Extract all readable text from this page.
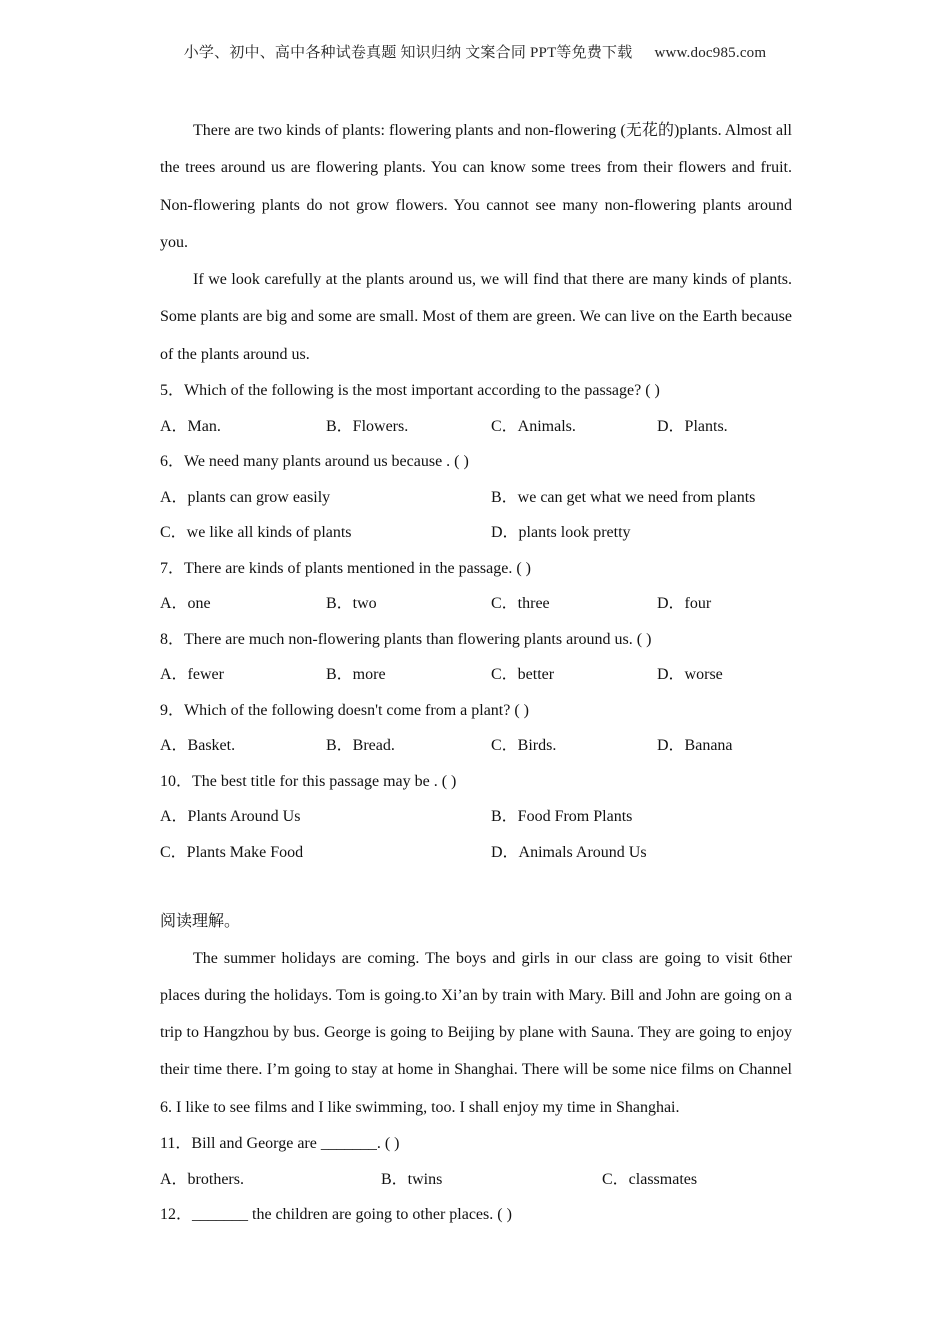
小学、初中、高中各种试卷真题 知识归纳 文案合同 PPT等免费下载 www.doc985.com

There are two kinds of plants: flowering plants and non-flowering (无花的)plants. Almost all the trees around us are flowering plants. You can know some trees from their flowers and fruit. Non-flowering plants do not grow flowers. You cannot see many non-flowering plants around you.

If we look carefully at the plants around us, we will find that there are many kinds of plants. Some plants are big and some are small. Most of them are green. We can live on the Earth because of the plants around us.

5．Which of the following is the most important according to the passage? ( )

A．Man.	B．Flowers.	C．Animals.	D．Plants.

6．We need many plants around us because . ( )

A．plants can grow easily	B．we can get what we need from plants
C．we like all kinds of plants	D．plants look pretty

7．There are kinds of plants mentioned in the passage. ( )

A．one	B．two	C．three	D．four

8．There are much non-flowering plants than flowering plants around us. ( )

A．fewer	B．more	C．better	D．worse

9．Which of the following doesn't come from a plant? ( )

A．Basket.	B．Bread.	C．Birds.	D．Banana

10．The best title for this passage may be . ( )

A．Plants Around Us	B．Food From Plants
C．Plants Make Food	D．Animals Around Us

阅读理解。

The summer holidays are coming. The boys and girls in our class are going to visit 6ther places during the holidays. Tom is going.to Xi’an by train with Mary. Bill and John are going on a trip to Hangzhou by bus. George is going to Beijing by plane with Sauna. They are going to enjoy their time there. I’m going to stay at home in Shanghai. There will be some nice films on Channel 6. I like to see films and I like swimming, too. I shall enjoy my time in Shanghai.

11．Bill and George are _______. ( )

A．brothers.	B．twins	C．classmates

12．_______ the children are going to other places. ( )
